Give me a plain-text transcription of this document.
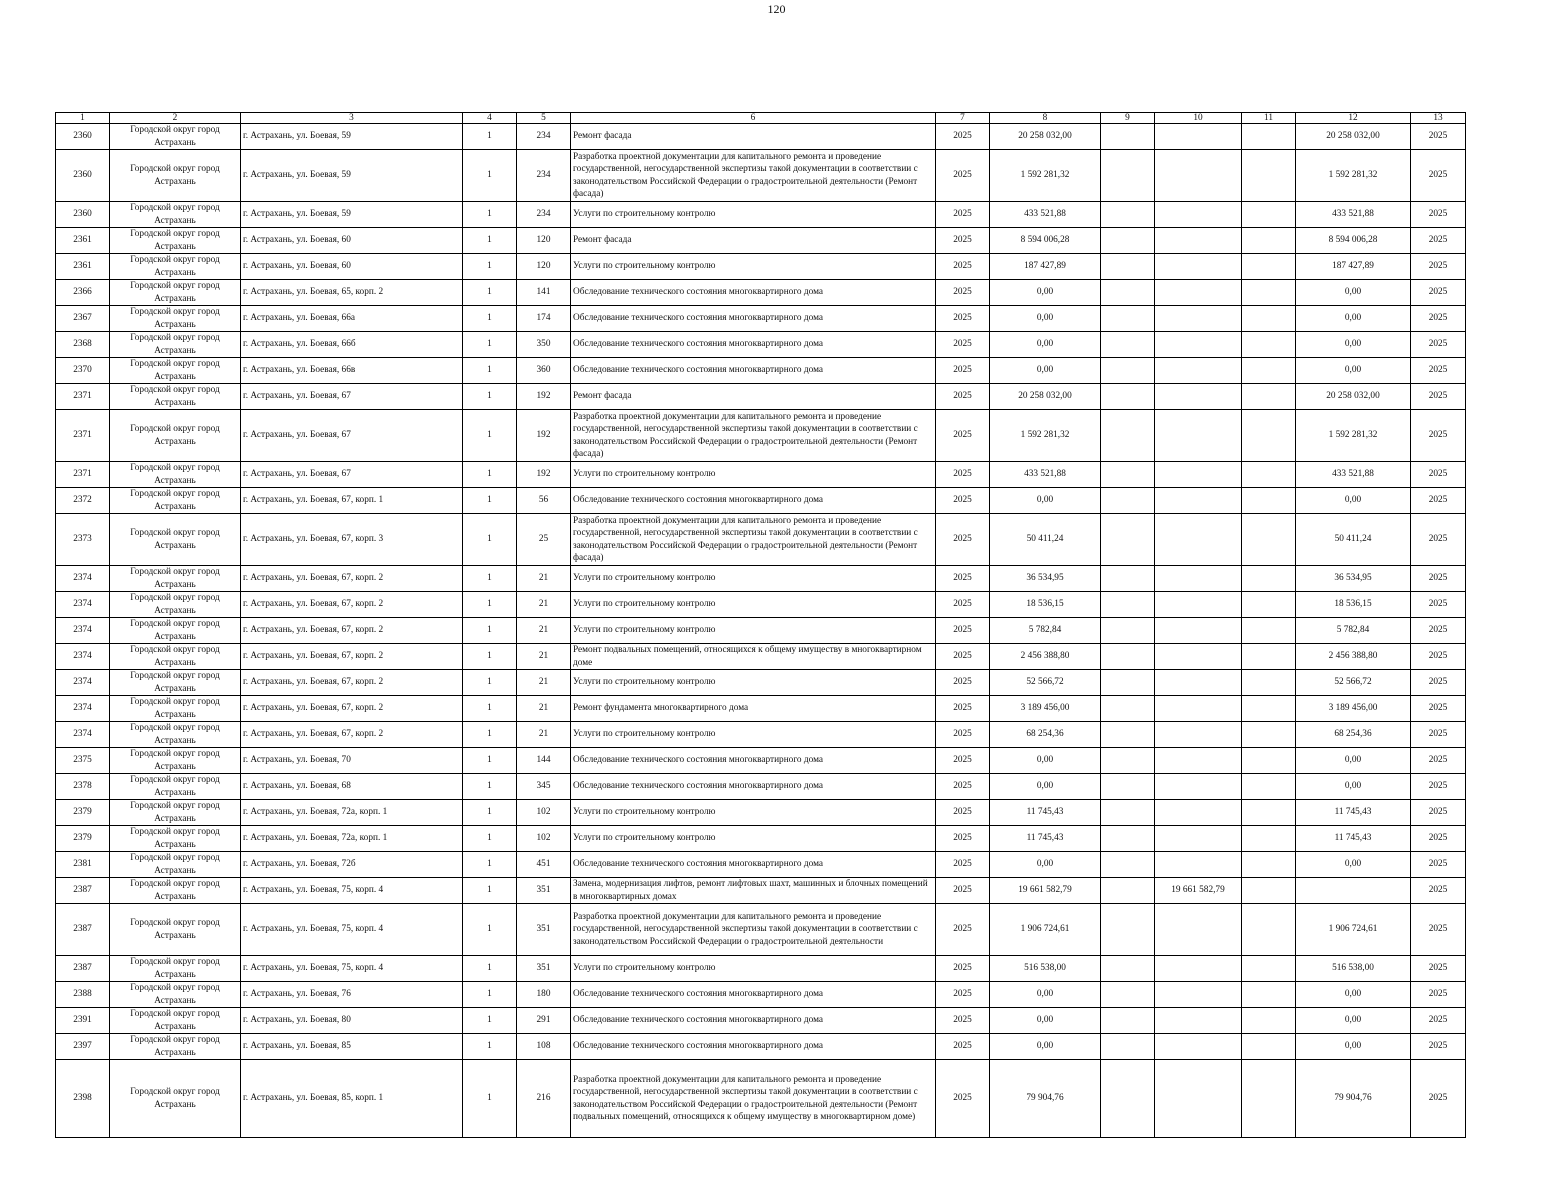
120
1	2	3	4	5	6	7	8	9	10	11	12	13
2360	Городской округ город Астрахань	г. Астрахань, ул. Боевая, 59	1	234	Ремонт фасада	2025	20 258 032,00				20 258 032,00	2025
2360	Городской округ город Астрахань	г. Астрахань, ул. Боевая, 59	1	234	Разработка проектной документации для капитального ремонта и проведение государственной, негосударственной экспертизы такой документации в соответствии с законодательством Российской Федерации о градостроительной деятельности (Ремонт фасада)	2025	1 592 281,32				1 592 281,32	2025
2360	Городской округ город Астрахань	г. Астрахань, ул. Боевая, 59	1	234	Услуги по строительному контролю	2025	433 521,88				433 521,88	2025
2361	Городской округ город Астрахань	г. Астрахань, ул. Боевая, 60	1	120	Ремонт фасада	2025	8 594 006,28				8 594 006,28	2025
2361	Городской округ город Астрахань	г. Астрахань, ул. Боевая, 60	1	120	Услуги по строительному контролю	2025	187 427,89				187 427,89	2025
2366	Городской округ город Астрахань	г. Астрахань, ул. Боевая, 65, корп. 2	1	141	Обследование технического состояния многоквартирного дома	2025	0,00				0,00	2025
2367	Городской округ город Астрахань	г. Астрахань, ул. Боевая, 66а	1	174	Обследование технического состояния многоквартирного дома	2025	0,00				0,00	2025
2368	Городской округ город Астрахань	г. Астрахань, ул. Боевая, 66б	1	350	Обследование технического состояния многоквартирного дома	2025	0,00				0,00	2025
2370	Городской округ город Астрахань	г. Астрахань, ул. Боевая, 66в	1	360	Обследование технического состояния многоквартирного дома	2025	0,00				0,00	2025
2371	Городской округ город Астрахань	г. Астрахань, ул. Боевая, 67	1	192	Ремонт фасада	2025	20 258 032,00				20 258 032,00	2025
2371	Городской округ город Астрахань	г. Астрахань, ул. Боевая, 67	1	192	Разработка проектной документации для капитального ремонта и проведение государственной, негосударственной экспертизы такой документации в соответствии с законодательством Российской Федерации о градостроительной деятельности (Ремонт фасада)	2025	1 592 281,32				1 592 281,32	2025
2371	Городской округ город Астрахань	г. Астрахань, ул. Боевая, 67	1	192	Услуги по строительному контролю	2025	433 521,88				433 521,88	2025
2372	Городской округ город Астрахань	г. Астрахань, ул. Боевая, 67, корп. 1	1	56	Обследование технического состояния многоквартирного дома	2025	0,00				0,00	2025
2373	Городской округ город Астрахань	г. Астрахань, ул. Боевая, 67, корп. 3	1	25	Разработка проектной документации для капитального ремонта и проведение государственной, негосударственной экспертизы такой документации в соответствии с законодательством Российской Федерации о градостроительной деятельности (Ремонт фасада)	2025	50 411,24				50 411,24	2025
2374	Городской округ город Астрахань	г. Астрахань, ул. Боевая, 67, корп. 2	1	21	Услуги по строительному контролю	2025	36 534,95				36 534,95	2025
2374	Городской округ город Астрахань	г. Астрахань, ул. Боевая, 67, корп. 2	1	21	Услуги по строительному контролю	2025	18 536,15				18 536,15	2025
2374	Городской округ город Астрахань	г. Астрахань, ул. Боевая, 67, корп. 2	1	21	Услуги по строительному контролю	2025	5 782,84				5 782,84	2025
2374	Городской округ город Астрахань	г. Астрахань, ул. Боевая, 67, корп. 2	1	21	Ремонт подвальных помещений, относящихся к общему имуществу в многоквартирном доме	2025	2 456 388,80				2 456 388,80	2025
2374	Городской округ город Астрахань	г. Астрахань, ул. Боевая, 67, корп. 2	1	21	Услуги по строительному контролю	2025	52 566,72				52 566,72	2025
2374	Городской округ город Астрахань	г. Астрахань, ул. Боевая, 67, корп. 2	1	21	Ремонт фундамента многоквартирного дома	2025	3 189 456,00				3 189 456,00	2025
2374	Городской округ город Астрахань	г. Астрахань, ул. Боевая, 67, корп. 2	1	21	Услуги по строительному контролю	2025	68 254,36				68 254,36	2025
2375	Городской округ город Астрахань	г. Астрахань, ул. Боевая, 70	1	144	Обследование технического состояния многоквартирного дома	2025	0,00				0,00	2025
2378	Городской округ город Астрахань	г. Астрахань, ул. Боевая, 68	1	345	Обследование технического состояния многоквартирного дома	2025	0,00				0,00	2025
2379	Городской округ город Астрахань	г. Астрахань, ул. Боевая, 72а, корп. 1	1	102	Услуги по строительному контролю	2025	11 745,43				11 745,43	2025
2379	Городской округ город Астрахань	г. Астрахань, ул. Боевая, 72а, корп. 1	1	102	Услуги по строительному контролю	2025	11 745,43				11 745,43	2025
2381	Городской округ город Астрахань	г. Астрахань, ул. Боевая, 72б	1	451	Обследование технического состояния многоквартирного дома	2025	0,00				0,00	2025
2387	Городской округ город Астрахань	г. Астрахань, ул. Боевая, 75, корп. 4	1	351	Замена, модернизация лифтов, ремонт лифтовых шахт, машинных и блочных помещений в многоквартирных домах	2025	19 661 582,79		19 661 582,79			2025
2387	Городской округ город Астрахань	г. Астрахань, ул. Боевая, 75, корп. 4	1	351	Разработка проектной документации для капитального ремонта и проведение государственной, негосударственной экспертизы такой документации в соответствии с законодательством Российской Федерации о градостроительной деятельности	2025	1 906 724,61				1 906 724,61	2025
2387	Городской округ город Астрахань	г. Астрахань, ул. Боевая, 75, корп. 4	1	351	Услуги по строительному контролю	2025	516 538,00				516 538,00	2025
2388	Городской округ город Астрахань	г. Астрахань, ул. Боевая, 76	1	180	Обследование технического состояния многоквартирного дома	2025	0,00				0,00	2025
2391	Городской округ город Астрахань	г. Астрахань, ул. Боевая, 80	1	291	Обследование технического состояния многоквартирного дома	2025	0,00				0,00	2025
2397	Городской округ город Астрахань	г. Астрахань, ул. Боевая, 85	1	108	Обследование технического состояния многоквартирного дома	2025	0,00				0,00	2025
2398	Городской округ город Астрахань	г. Астрахань, ул. Боевая, 85, корп. 1	1	216	Разработка проектной документации для капитального ремонта и проведение государственной, негосударственной экспертизы такой документации в соответствии с законодательством Российской Федерации о градостроительной деятельности (Ремонт подвальных помещений, относящихся к общему имуществу в многоквартирном доме)	2025	79 904,76				79 904,76	2025
